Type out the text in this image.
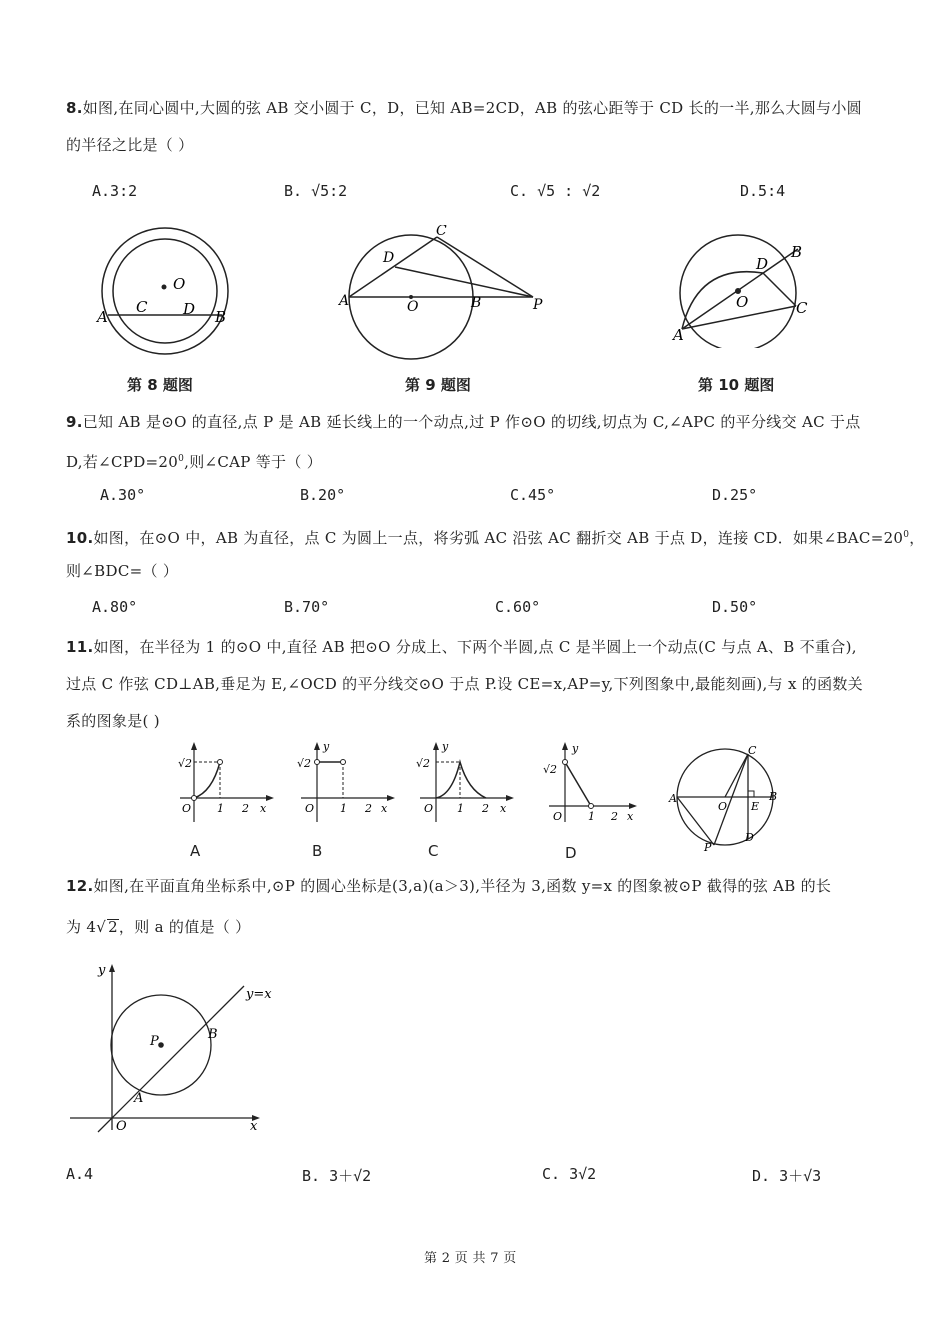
8.如图,在同心圆中,大圆的弦 AB 交小圆于 C，D，已知 AB=2CD，AB 的弦心距等于 CD 长的一半,那么大圆与小圆
的半径之比是（ ）
A.3:2	B. √5:2	C. √5 : √2	D.5:4
O
A
C D B
C
D
A	O	B	P
B
D
O	C
A
第 8 题图	第 9 题图	第 10 题图
9.已知 AB 是⊙O 的直径,点 P 是 AB 延长线上的一个动点,过 P 作⊙O 的切线,切点为 C,∠APC 的平分线交 AC 于点
D,若$\angle CPD=20^0$,则∠CAP 等于（ ）
A.30°	B.20°	C.45°	D.25°
10.如图，在⊙O 中，AB 为直径，点 C 为圆上一点，将劣弧 AC 沿弦 AC 翻折交 AB 于点 D，连接 CD．如果$\angle BAC=20^0$，
则∠BDC=（ ）
A.80°	B.70°	C.60°	D.50°
11.如图，在半径为 1 的⊙O 中,直径 AB 把⊙O 分成上、下两个半圆,点 C 是半圆上一个动点(C 与点 A、B 不重合),
过点 C 作弦 CD⊥AB,垂足为 E,∠OCD 的平分线交⊙O 于点 P.设 CE=x,AP=y,下列图象中,最能刻画),与 x 的函数关
系的图象是( )
√2
O 1 2 x
A
√2
y
O 1 2 x
B
√2
y
O 1 2 x
C
√2
y
O 1 2 x
D
C
A
O E
B
P
D
12.如图,在平面直角坐标系中,⊙P 的圆心坐标是(3,a)(a＞3),半径为 3,函数 y=x 的图象被⊙P 截得的弦 AB 的长
为 4√ 2，则 a 的值是（ ）
y
y=x
B
P
A
O	x
A.4	B. 3＋√2	C. 3√2	D. 3＋√3
第 2 页 共 7 页
